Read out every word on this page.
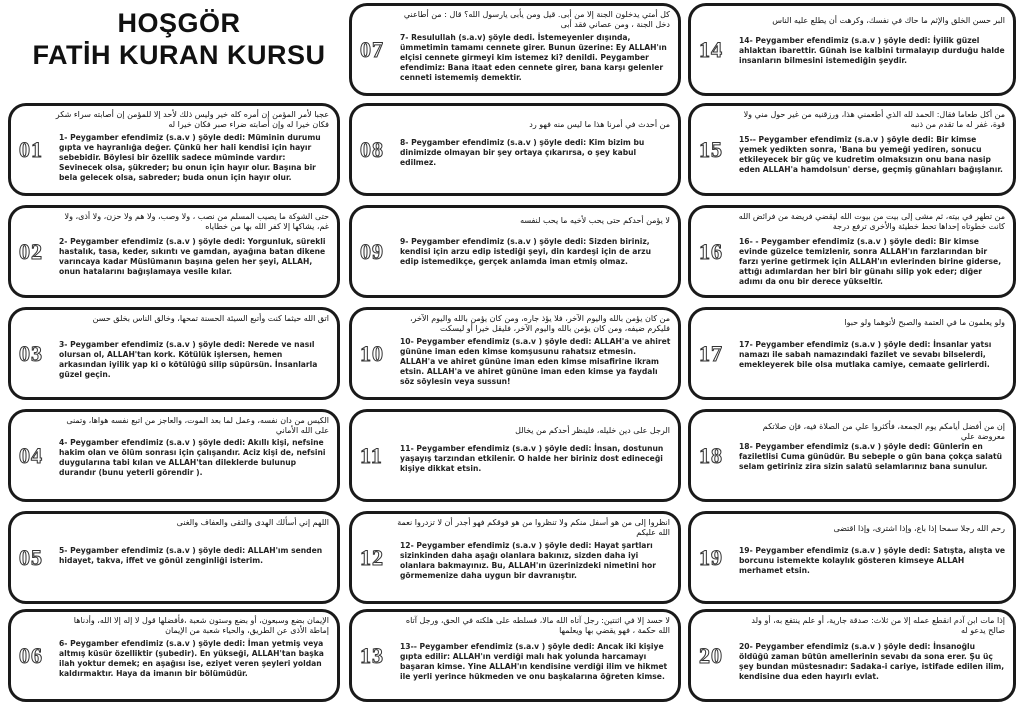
HOŞGÖR
FATİH KURAN KURSU
01
عجبا لأمر المؤمن إن أمره كله خير وليس ذلك لأحد إلا للمؤمن إن أصابته سراء شكر فكان خيرا له وإن أصابته ضراء صبر فكان خيرا له
1- Peygamber efendimiz (s.a.v ) şöyle dedi: Müminin durumu gıpta ve hayranlığa değer. Çünkü her hali kendisi için hayır sebebidir. Böylesi bir özellik sadece müminde vardır: Sevinecek olsa, şükreder; bu onun için hayır olur. Başına bir bela gelecek olsa, sabreder; buda onun için hayır olur.
02
حتى الشوكة ما يصيب المسلم من نصب ، ولا وصب، ولا هم ولا حزن، ولا أذى، ولا غم، يشاكها إلا كفر الله بها من خطاياه
2- Peygamber efendimiz (s.a.v ) şöyle dedi: Yorgunluk, sürekli hastalık, tasa, keder, sıkıntı ve gamdan, ayağına batan dikene varıncaya kadar Müslümanın başına gelen her şeyi, ALLAH, onun hatalarını bağışlamaya vesile kılar.
03
اتق الله حيثما كنت وأتبع السيئة الحسنة تمحها، وخالق الناس بخلق حسن
3- Peygamber efendimiz (s.a.v ) şöyle dedi: Nerede ve nasıl olursan ol, ALLAH'tan kork. Kötülük işlersen, hemen arkasından iyilik yap ki o kötülüğü silip süpürsün. İnsanlarla güzel geçin.
04
الكيس من دان نفسه، وعمل لما بعد الموت، والعاجز من اتبع نفسه هواها، وتمنى على الله الأماني
4- Peygamber efendimiz (s.a.v ) şöyle dedi: Akıllı kişi, nefsine hakim olan ve ölüm sonrası için çalışandır. Aciz kişi de, nefsini duygularına tabi kılan ve ALLAH'tan dileklerde bulunup durandır (bunu yeterli görendir ).
05
اللهم إني أسألك الهدى والتقى والعفاف والغنى
5- Peygamber efendimiz (s.a.v ) şöyle dedi: ALLAH'ım senden hidayet, takva, iffet ve gönül zenginliği isterim.
06
الإيمان بضع وسبعون، أو بضع وستون شعبة ،فأفضلها قول لا إله إلا الله، وأدناها إماطة الأذى عن الطريق، والحياء شعبة من الإيمان
6- Peygamber efendimiz (s.a.v ) şöyle dedi: İman yetmiş veya altmış küsür özelliktir (şubedir). En yükseği, ALLAH'tan başka ilah yoktur demek; en aşağısı ise, eziyet veren şeyleri yoldan kaldırmaktır. Haya da imanın bir bölümüdür.
07
كل أمتي يدخلون الجنة إلا من أبى. قيل ومن يأبى يارسول الله؟ قال : من أطاعني دخل الجنة ، ومن عصاني فقد أبى
7- Resulullah (s.a.v) şöyle dedi. İstemeyenler dışında, ümmetimin tamamı cennete girer. Bunun üzerine: Ey ALLAH'ın elçisi cennete girmeyi kim istemez ki? denildi. Peygamber efendimiz: Bana itaat eden cennete girer, bana karşı gelenler cenneti istememiş demektir.
08
من أحدث في أمرنا هذا ما ليس منه فهو رد
8- Peygamber efendimiz (s.a.v ) şöyle dedi: Kim bizim bu dinimizde olmayan bir şey ortaya çıkarırsa, o şey kabul edilmez.
09
لا يؤمن أحدكم حتى يحب لأخيه ما يحب لنفسه
9- Peygamber efendimiz (s.a.v ) şöyle dedi: Sizden biriniz, kendisi için arzu edip istediği şeyi, din kardeşi için de arzu edip istemedikçe, gerçek anlamda iman etmiş olmaz.
10
من كان يؤمن بالله واليوم الآخر، فلا يؤذ جاره، ومن كان يؤمن بالله واليوم الآخر، فليكرم ضيفه، ومن كان يؤمن بالله واليوم الآخر، فليقل خيرا أو ليسكت
10- Peygamber efendimiz (s.a.v ) şöyle dedi: ALLAH'a ve ahiret gününe iman eden kimse komşusunu rahatsız etmesin. ALLAH'a ve ahiret gününe iman eden kimse misafirine ikram etsin. ALLAH'a ve ahiret gününe iman eden kimse ya faydalı söz söylesin veya sussun!
11
الرجل على دين خليله، فلينظر أحدكم من يخالل
11- Peygamber efendimiz (s.a.v ) şöyle dedi: İnsan, dostunun yaşayış tarzından etkilenir. O halde her biriniz dost edineceği kişiye dikkat etsin.
12
انظروا إلى من هو أسفل منكم ولا تنظروا من هو فوقكم فهو أجدر أن لا تزدروا نعمة الله عليكم
12- Peygamber efendimiz (s.a.v ) şöyle dedi: Hayat şartları sizinkinden daha aşağı olanlara bakınız, sizden daha iyi olanlara bakmayınız. Bu, ALLAH'ın üzerinizdeki nimetini hor görmemenize daha uygun bir davranıştır.
13
لا حسد إلا في اثنتين: رجل آتاه الله مالا، فسلطه على هلكته في الحق، ورجل آتاه الله حكمة ، فهو يقضي بها ويعلمها
13-- Peygamber efendimiz (s.a.v ) şöyle dedi: Ancak iki kişiye gıpta edilir: ALLAH'ın verdiği malı hak yolunda harcamayı başaran kimse. Yine ALLAH'ın kendisine verdiği ilim ve hikmet ile yerli yerince hükmeden ve onu başkalarına öğreten kimse.
14
البر حسن الخلق والإثم ما حاك في نفسك، وكرهت أن يطلع عليه الناس
14- Peygamber efendimiz (s.a.v ) şöyle dedi: İyilik güzel ahlaktan ibarettir. Günah ise kalbini tırmalayıp durduğu halde insanların bilmesini istemediğin şeydir.
15
من أكل طعاما فقال: الحمد لله الذي أطعمني هذا، ورزقنيه من غير حول مني ولا قوة، غفر له ما تقدم من ذنبه
15-- Peygamber efendimiz (s.a.v ) şöyle dedi: Bir kimse yemek yedikten sonra, 'Bana bu yemeği yediren, sonucu etkileyecek bir güç ve kudretim olmaksızın onu bana nasip eden ALLAH'a hamdolsun' derse, geçmiş günahları bağışlanır.
16
من تطهر في بيته، ثم مشى إلى بيت من بيوت الله ليقضي فريضة من فرائض الله كانت خطوتاه إحداها تحط خطيئة والأخرى ترفع درجة
16- - Peygamber efendimiz (s.a.v ) şöyle dedi: Bir kimse evinde güzelce temizlenir, sonra ALLAH'ın farzlarından bir farzı yerine getirmek için ALLAH'ın evlerinden birine giderse, attığı adımlardan her biri bir günahı silip yok eder; diğer adımı da onu bir derece yükseltir.
17
ولو يعلمون ما في العتمة والصبح لأتوهما ولو حبوا
17- Peygamber efendimiz (s.a.v ) şöyle dedi: İnsanlar yatsı namazı ile sabah namazındaki fazilet ve sevabı bilselerdi, emekleyerek bile olsa mutlaka camiye, cemaate gelirlerdi.
18
إن من أفضل أيامكم يوم الجمعة، فأكثروا علي من الصلاة فيه، فإن صلاتكم معروضة علي
18- Peygamber efendimiz (s.a.v ) şöyle dedi: Günlerin en faziletlisi Cuma günüdür. Bu sebeple o gün bana çokça salatü selam getiriniz zira sizin salatü selamlarınız bana sunulur.
19
رحم الله رجلا سمحا إذا باع، وإذا اشترى، وإذا اقتضى
19- Peygamber efendimiz (s.a.v ) şöyle dedi: Satışta, alışta ve borcunu istemekte kolaylık gösteren kimseye ALLAH merhamet etsin.
20
إذا مات ابن آدم انقطع عمله إلا من ثلاث: صدقة جارية، أو علم ينتفع به، أو ولد صالح يدعو له
20- Peygamber efendimiz (s.a.v ) şöyle dedi: İnsanoğlu öldüğü zaman bütün amellerinin sevabı da sona erer. Şu üç şey bundan müstesnadır: Sadaka-i cariye, istifade edilen ilim, kendisine dua eden hayırlı evlat.
